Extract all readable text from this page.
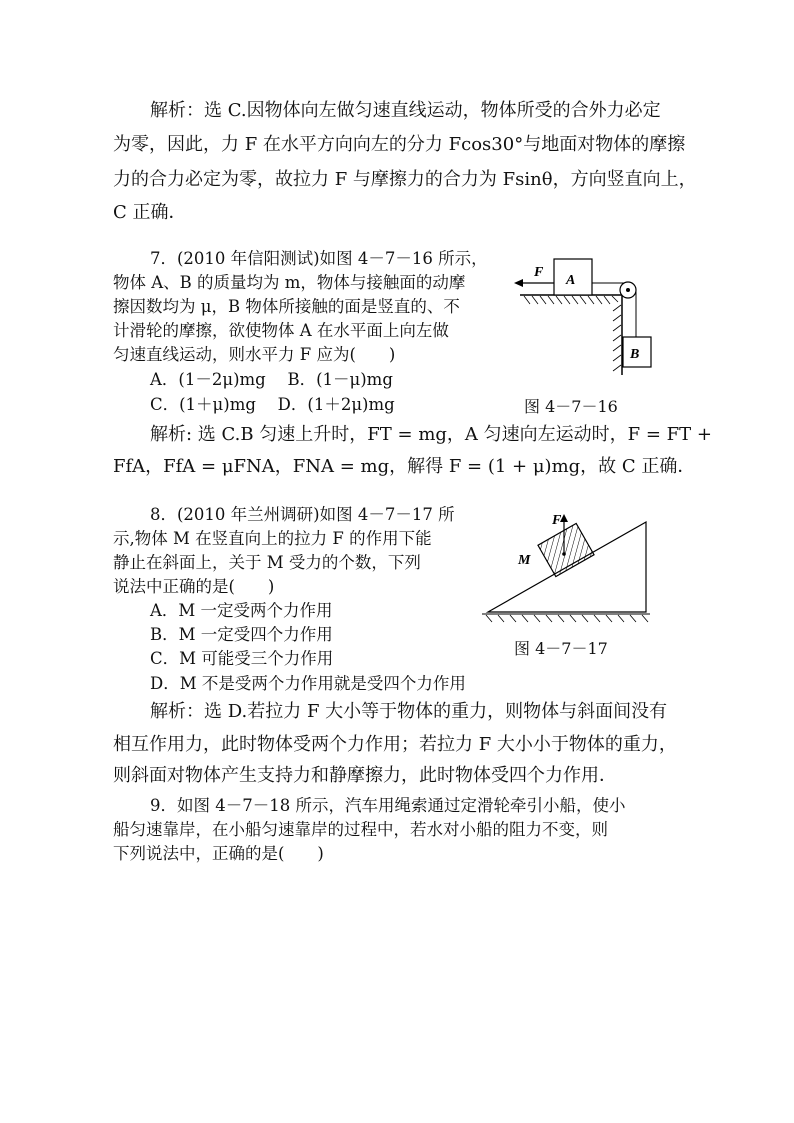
解析：选 C.因物体向左做匀速直线运动，物体所受的合外力必定
为零，因此，力 F 在水平方向向左的分力 Fcos30°与地面对物体的摩擦
力的合力必定为零，故拉力 F 与摩擦力的合力为 Fsinθ，方向竖直向上，
C 正确．
7．(2010 年信阳测试)如图 4－7－16 所示，
物体 A、B 的质量均为 m，物体与接触面的动摩
擦因数均为 μ，B 物体所接触的面是竖直的、不
计滑轮的摩擦，欲使物体 A 在水平面上向左做
匀速直线运动，则水平力 F 应为(　　)
A．(1－2μ)mg　 B．(1－μ)mg
C．(1＋μ)mg　 D．(1＋2μ)mg
A
F
B
图 4－7－16
解析: 选 C.B 匀速上升时，FT = mg，A 匀速向左运动时，F = FT +
FfA，FfA = μFNA，FNA = mg，解得 F = (1 + μ)mg，故 C 正确．
8．(2010 年兰州调研)如图 4－7－17 所
示,物体 M 在竖直向上的拉力 F 的作用下能
静止在斜面上，关于 M 受力的个数，下列
说法中正确的是(　　)
A．M 一定受两个力作用
B．M 一定受四个力作用
C．M 可能受三个力作用
D．M 不是受两个力作用就是受四个力作用
F
M
图 4－7－17
解析：选 D.若拉力 F 大小等于物体的重力，则物体与斜面间没有
相互作用力，此时物体受两个力作用；若拉力 F 大小小于物体的重力，
则斜面对物体产生支持力和静摩擦力，此时物体受四个力作用．
9．如图 4－7－18 所示，汽车用绳索通过定滑轮牵引小船，使小
船匀速靠岸，在小船匀速靠岸的过程中，若水对小船的阻力不变，则
下列说法中，正确的是(　　)
